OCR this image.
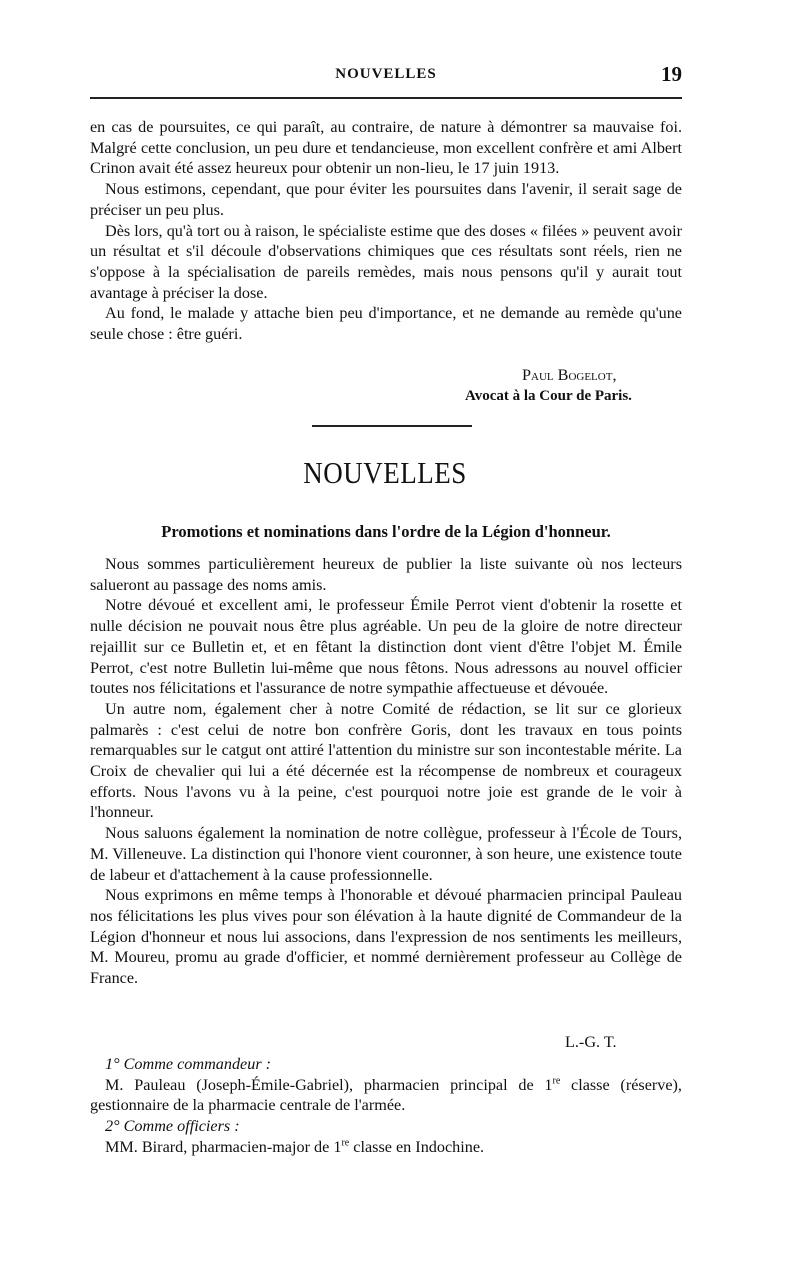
NOUVELLES	19

en cas de poursuites, ce qui paraît, au contraire, de nature à démontrer sa mauvaise foi. Malgré cette conclusion, un peu dure et tendancieuse, mon excellent confrère et ami Albert Crinon avait été assez heureux pour obtenir un non-lieu, le 17 juin 1913.

Nous estimons, cependant, que pour éviter les poursuites dans l'avenir, il serait sage de préciser un peu plus.

Dès lors, qu'à tort ou à raison, le spécialiste estime que des doses « filées » peuvent avoir un résultat et s'il découle d'observations chimiques que ces résultats sont réels, rien ne s'oppose à la spécialisation de pareils remèdes, mais nous pensons qu'il y aurait tout avantage à préciser la dose.

Au fond, le malade y attache bien peu d'importance, et ne demande au remède qu'une seule chose : être guéri.

Paul Bogelot,
Avocat à la Cour de Paris.
NOUVELLES
Promotions et nominations dans l'ordre de la Légion d'honneur.

Nous sommes particulièrement heureux de publier la liste suivante où nos lecteurs salueront au passage des noms amis.

Notre dévoué et excellent ami, le professeur Émile Perrot vient d'obtenir la rosette et nulle décision ne pouvait nous être plus agréable. Un peu de la gloire de notre directeur rejaillit sur ce Bulletin et, et en fêtant la distinction dont vient d'être l'objet M. Émile Perrot, c'est notre Bulletin lui-même que nous fêtons. Nous adressons au nouvel officier toutes nos félicitations et l'assurance de notre sympathie affectueuse et dévouée.

Un autre nom, également cher à notre Comité de rédaction, se lit sur ce glorieux palmarès : c'est celui de notre bon confrère Goris, dont les travaux en tous points remarquables sur le catgut ont attiré l'attention du ministre sur son incontestable mérite. La Croix de chevalier qui lui a été décernée est la récompense de nombreux et courageux efforts. Nous l'avons vu à la peine, c'est pourquoi notre joie est grande de le voir à l'honneur.

Nous saluons également la nomination de notre collègue, professeur à l'École de Tours, M. Villeneuve. La distinction qui l'honore vient couronner, à son heure, une existence toute de labeur et d'attachement à la cause professionnelle.

Nous exprimons en même temps à l'honorable et dévoué pharmacien principal Pauleau nos félicitations les plus vives pour son élévation à la haute dignité de Commandeur de la Légion d'honneur et nous lui associons, dans l'expression de nos sentiments les meilleurs, M. Moureu, promu au grade d'officier, et nommé dernièrement professeur au Collège de France.

L.-G. T.

1° Comme commandeur :

M. Pauleau (Joseph-Émile-Gabriel), pharmacien principal de 1re classe (réserve), gestionnaire de la pharmacie centrale de l'armée.

2° Comme officiers :

MM. Birard, pharmacien-major de 1re classe en Indochine.
